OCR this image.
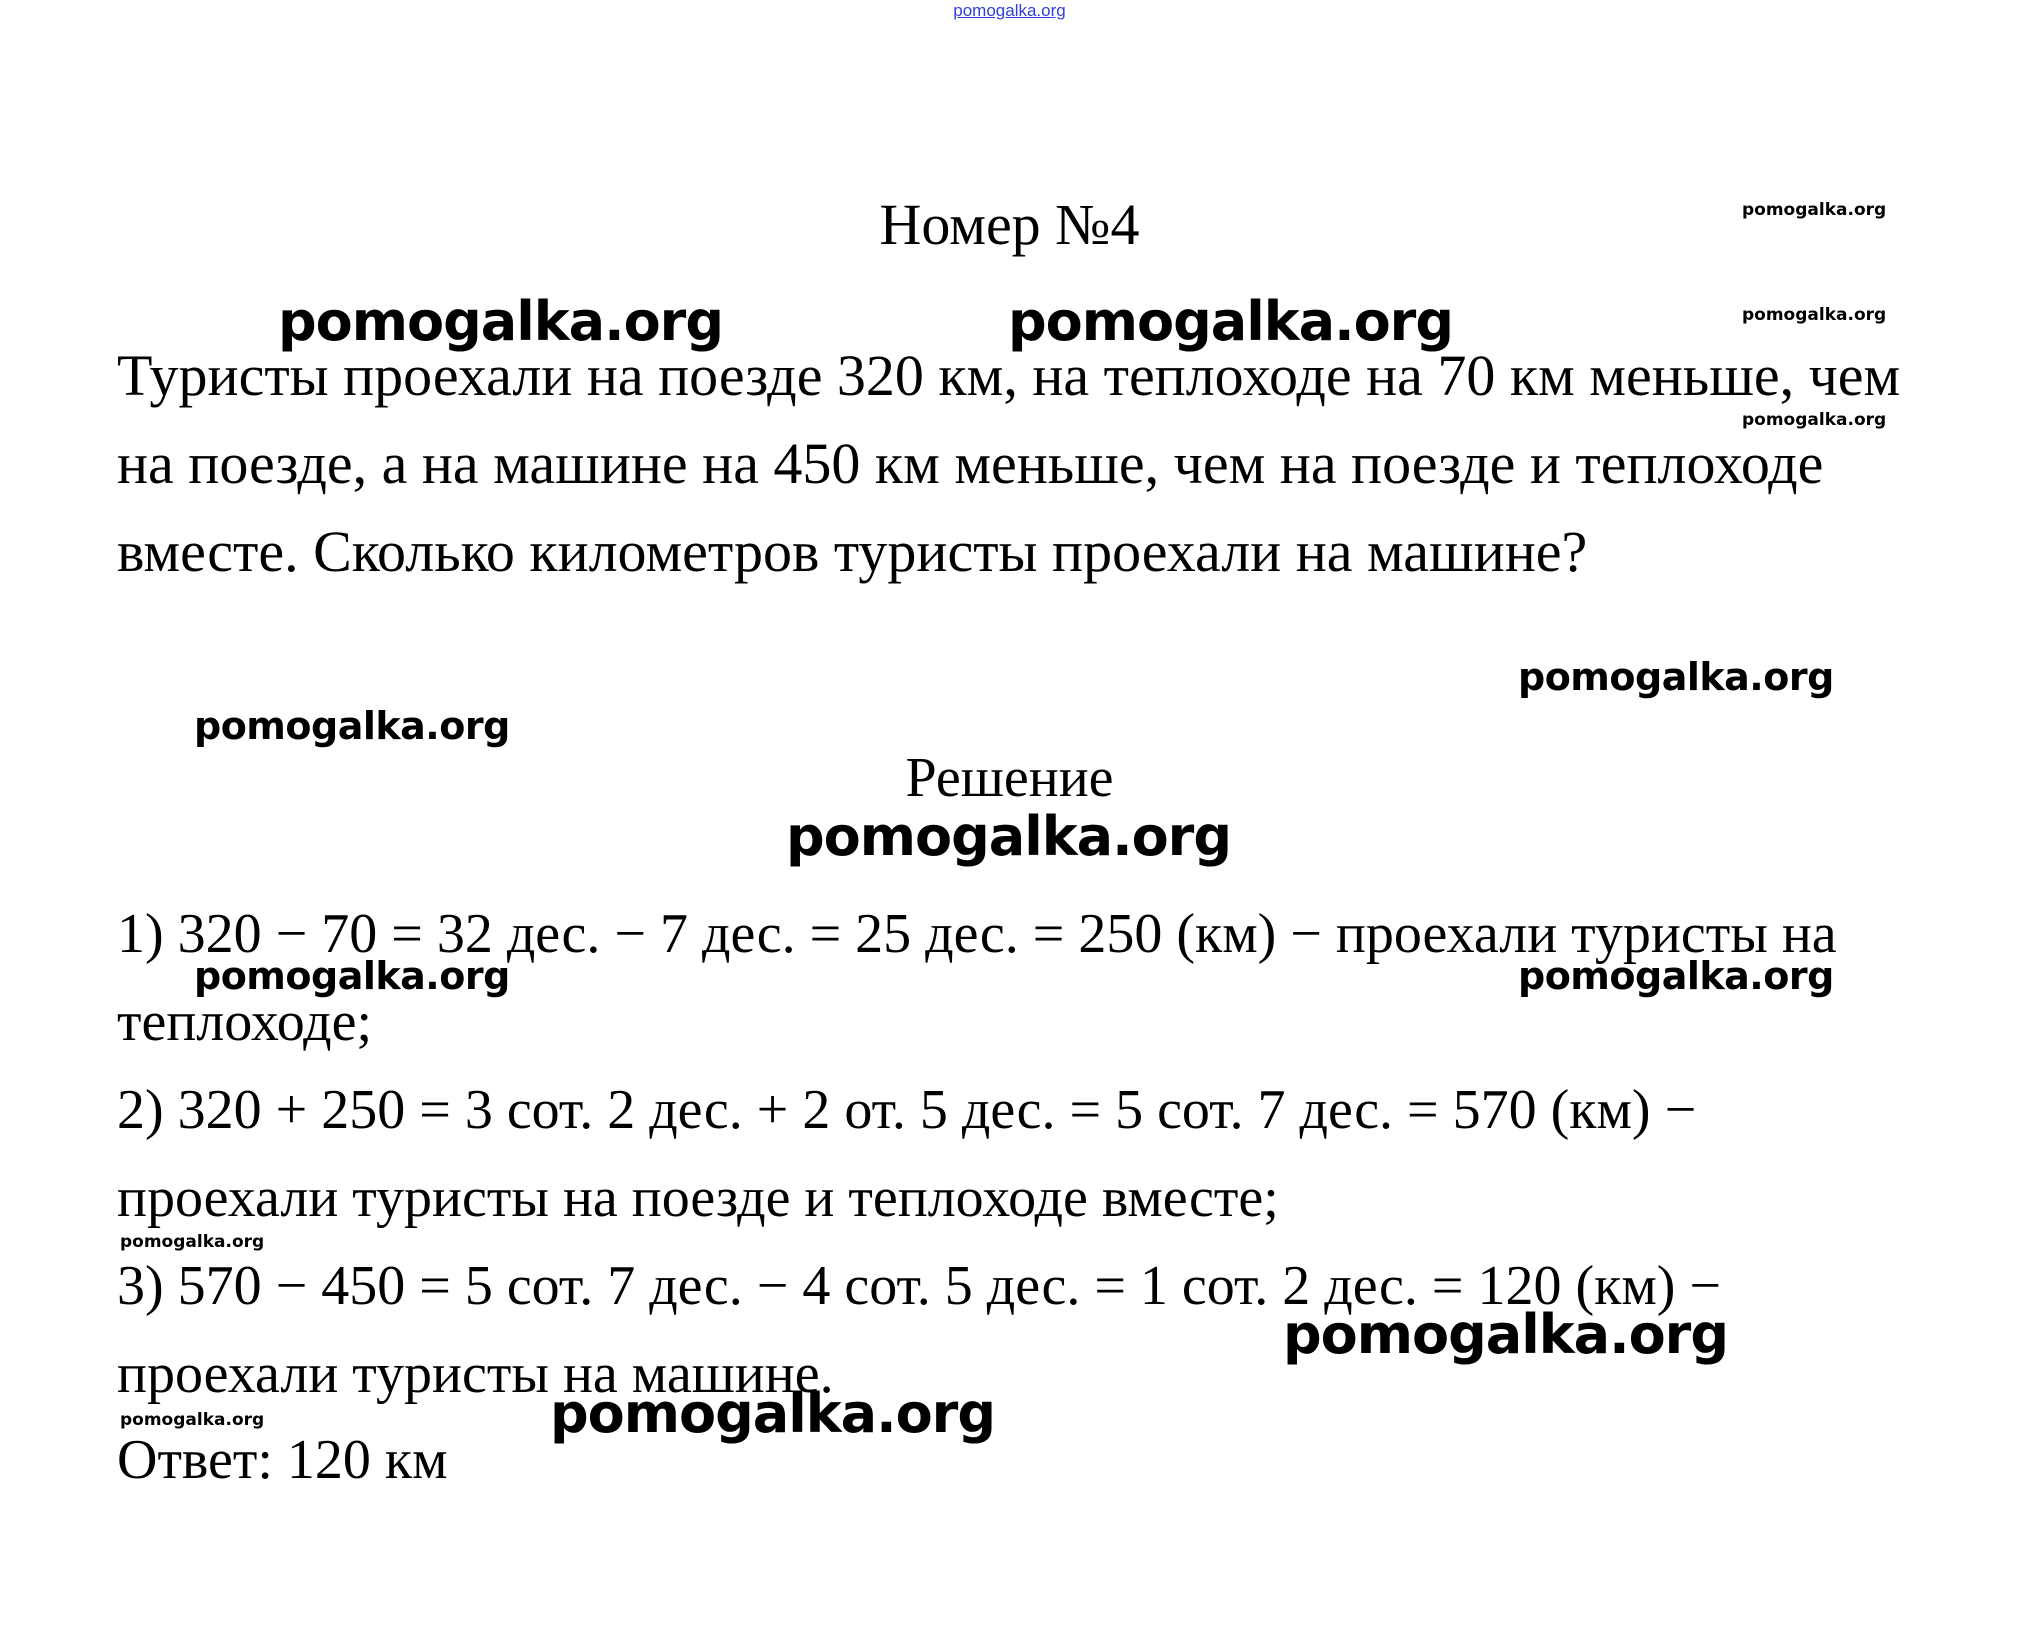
pomogalka.org
Номер №4
Туристы проехали на поезде 320 км, на теплоходе на 70 км меньше, чем на поезде, а на машине на 450 км меньше, чем на поезде и теплоходе вместе. Сколько километров туристы проехали на машине?
Решение
1) 320 − 70 = 32 дес. − 7 дес. = 25 дес. = 250 (км) − проехали туристы на теплоходе;
2) 320 + 250 = 3 сот. 2 дес. + 2 от. 5 дес. = 5 сот. 7 дес. = 570 (км) − проехали туристы на поезде и теплоходе вместе;
3) 570 − 450 = 5 сот. 7 дес. − 4 сот. 5 дес. = 1 сот. 2 дес. = 120 (км) − проехали туристы на машине.
Ответ: 120 км
pomogalka.org	pomogalka.org
pomogalka.org
pomogalka.org
pomogalka.org
pomogalka.org
pomogalka.org
pomogalka.org
pomogalka.org	pomogalka.org
pomogalka.org
pomogalka.org
pomogalka.org	pomogalka.org
